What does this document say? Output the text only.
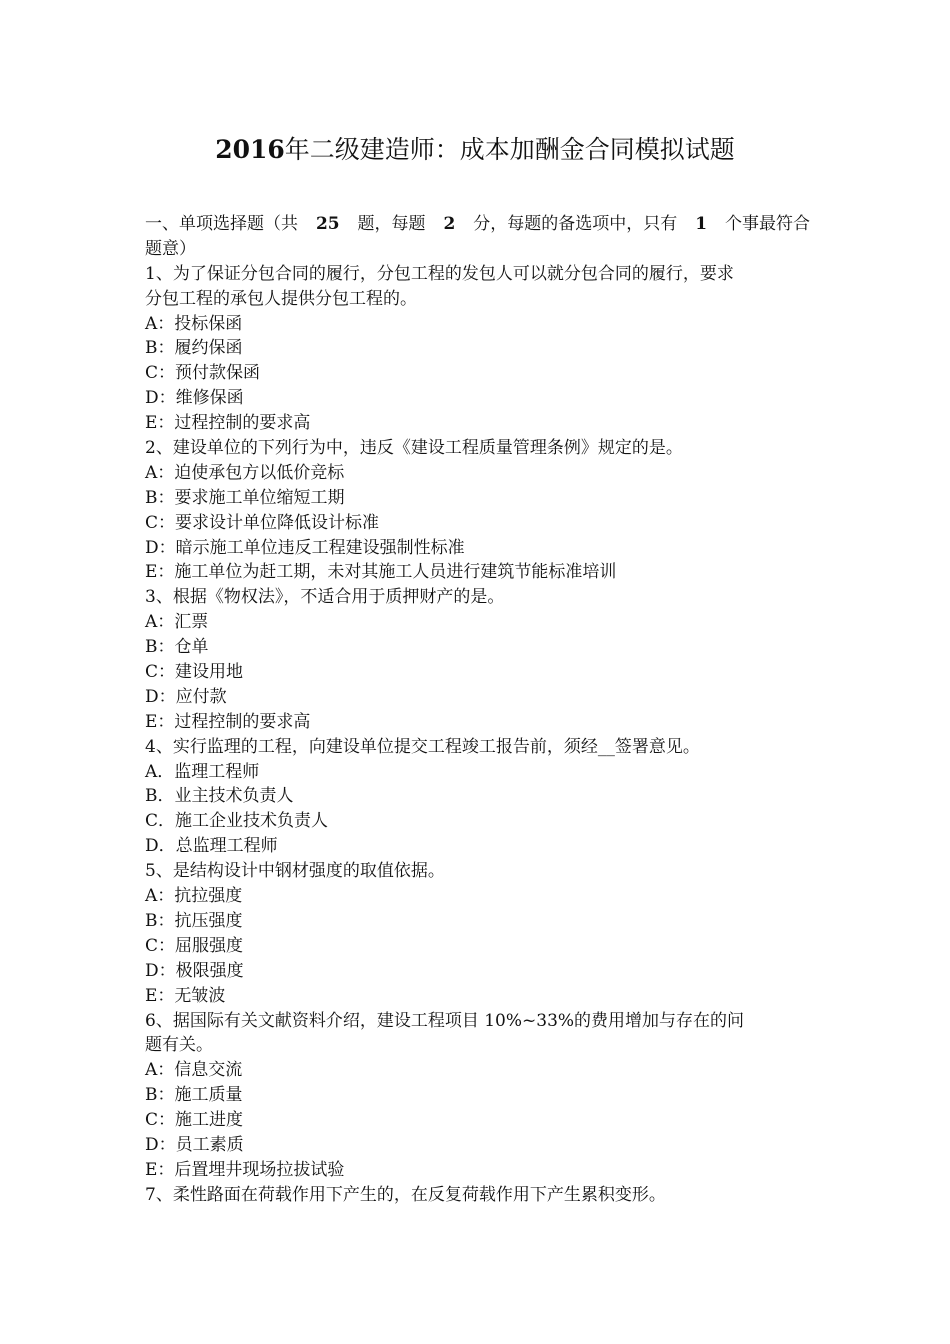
2016年二级建造师：成本加酬金合同模拟试题
一、单项选择题（共 25 题，每题 2 分，每题的备选项中，只有 1 个事最符合
题意）
1、为了保证分包合同的履行，分包工程的发包人可以就分包合同的履行，要求
分包工程的承包人提供分包工程的。
A：投标保函
B：履约保函
C：预付款保函
D：维修保函
E：过程控制的要求高
2、建设单位的下列行为中，违反《建设工程质量管理条例》规定的是。
A：迫使承包方以低价竞标
B：要求施工单位缩短工期
C：要求设计单位降低设计标准
D：暗示施工单位违反工程建设强制性标准
E：施工单位为赶工期，未对其施工人员进行建筑节能标准培训
3、根据《物权法》，不适合用于质押财产的是。
A：汇票
B：仓单
C：建设用地
D：应付款
E：过程控制的要求高
4、实行监理的工程，向建设单位提交工程竣工报告前，须经__签署意见。
A．监理工程师
B．业主技术负责人
C．施工企业技术负责人
D．总监理工程师
5、是结构设计中钢材强度的取值依据。
A：抗拉强度
B：抗压强度
C：屈服强度
D：极限强度
E：无皱波
6、据国际有关文献资料介绍，建设工程项目 10%~33%的费用增加与存在的问
题有关。
A：信息交流
B：施工质量
C：施工进度
D：员工素质
E：后置埋井现场拉拔试验
7、柔性路面在荷载作用下产生的，在反复荷载作用下产生累积变形。
